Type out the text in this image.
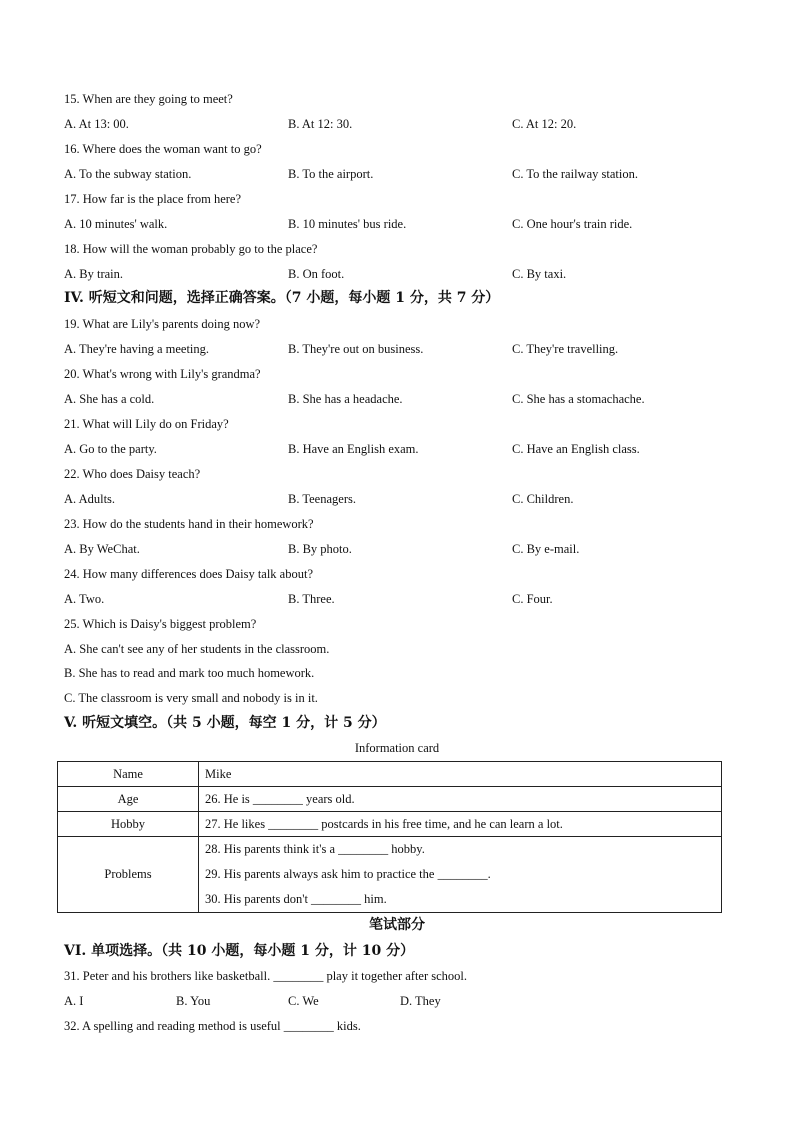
15. When are they going to meet?
A. At 13: 00.	B. At 12: 30.	C. At 12: 20.
16. Where does the woman want to go?
A. To the subway station.	B. To the airport.	C. To the railway station.
17. How far is the place from here?
A. 10 minutes' walk.	B. 10 minutes' bus ride.	C. One hour's train ride.
18. How will the woman probably go to the place?
A. By train.	B. On foot.	C. By taxi.
IV. 听短文和问题，选择正确答案。（7 小题，每小题 1 分，共 7 分）
19. What are Lily's parents doing now?
A. They're having a meeting.	B. They're out on business.	C. They're travelling.
20. What's wrong with Lily's grandma?
A. She has a cold.	B. She has a headache.	C. She has a stomachache.
21. What will Lily do on Friday?
A. Go to the party.	B. Have an English exam.	C. Have an English class.
22. Who does Daisy teach?
A. Adults.	B. Teenagers.	C. Children.
23. How do the students hand in their homework?
A. By WeChat.	B. By photo.	C. By e-mail.
24. How many differences does Daisy talk about?
A. Two.	B. Three.	C. Four.
25. Which is Daisy's biggest problem?
A. She can't see any of her students in the classroom.
B. She has to read and mark too much homework.
C. The classroom is very small and nobody is in it.
V. 听短文填空。（共 5 小题，每空 1 分，计 5 分）
Information card
Name	Mike
Age	26. He is ________ years old.
Hobby	27. He likes ________ postcards in his free time, and he can learn a lot.
Problems	28. His parents think it's a ________ hobby.
29. His parents always ask him to practice the ________.
30. His parents don't ________ him.
笔试部分
VI. 单项选择。（共 10 小题，每小题 1 分，计 10 分）
31. Peter and his brothers like basketball. ________ play it together after school.
A. I	B. You	C. We	D. They
32. A spelling and reading method is useful ________ kids.
